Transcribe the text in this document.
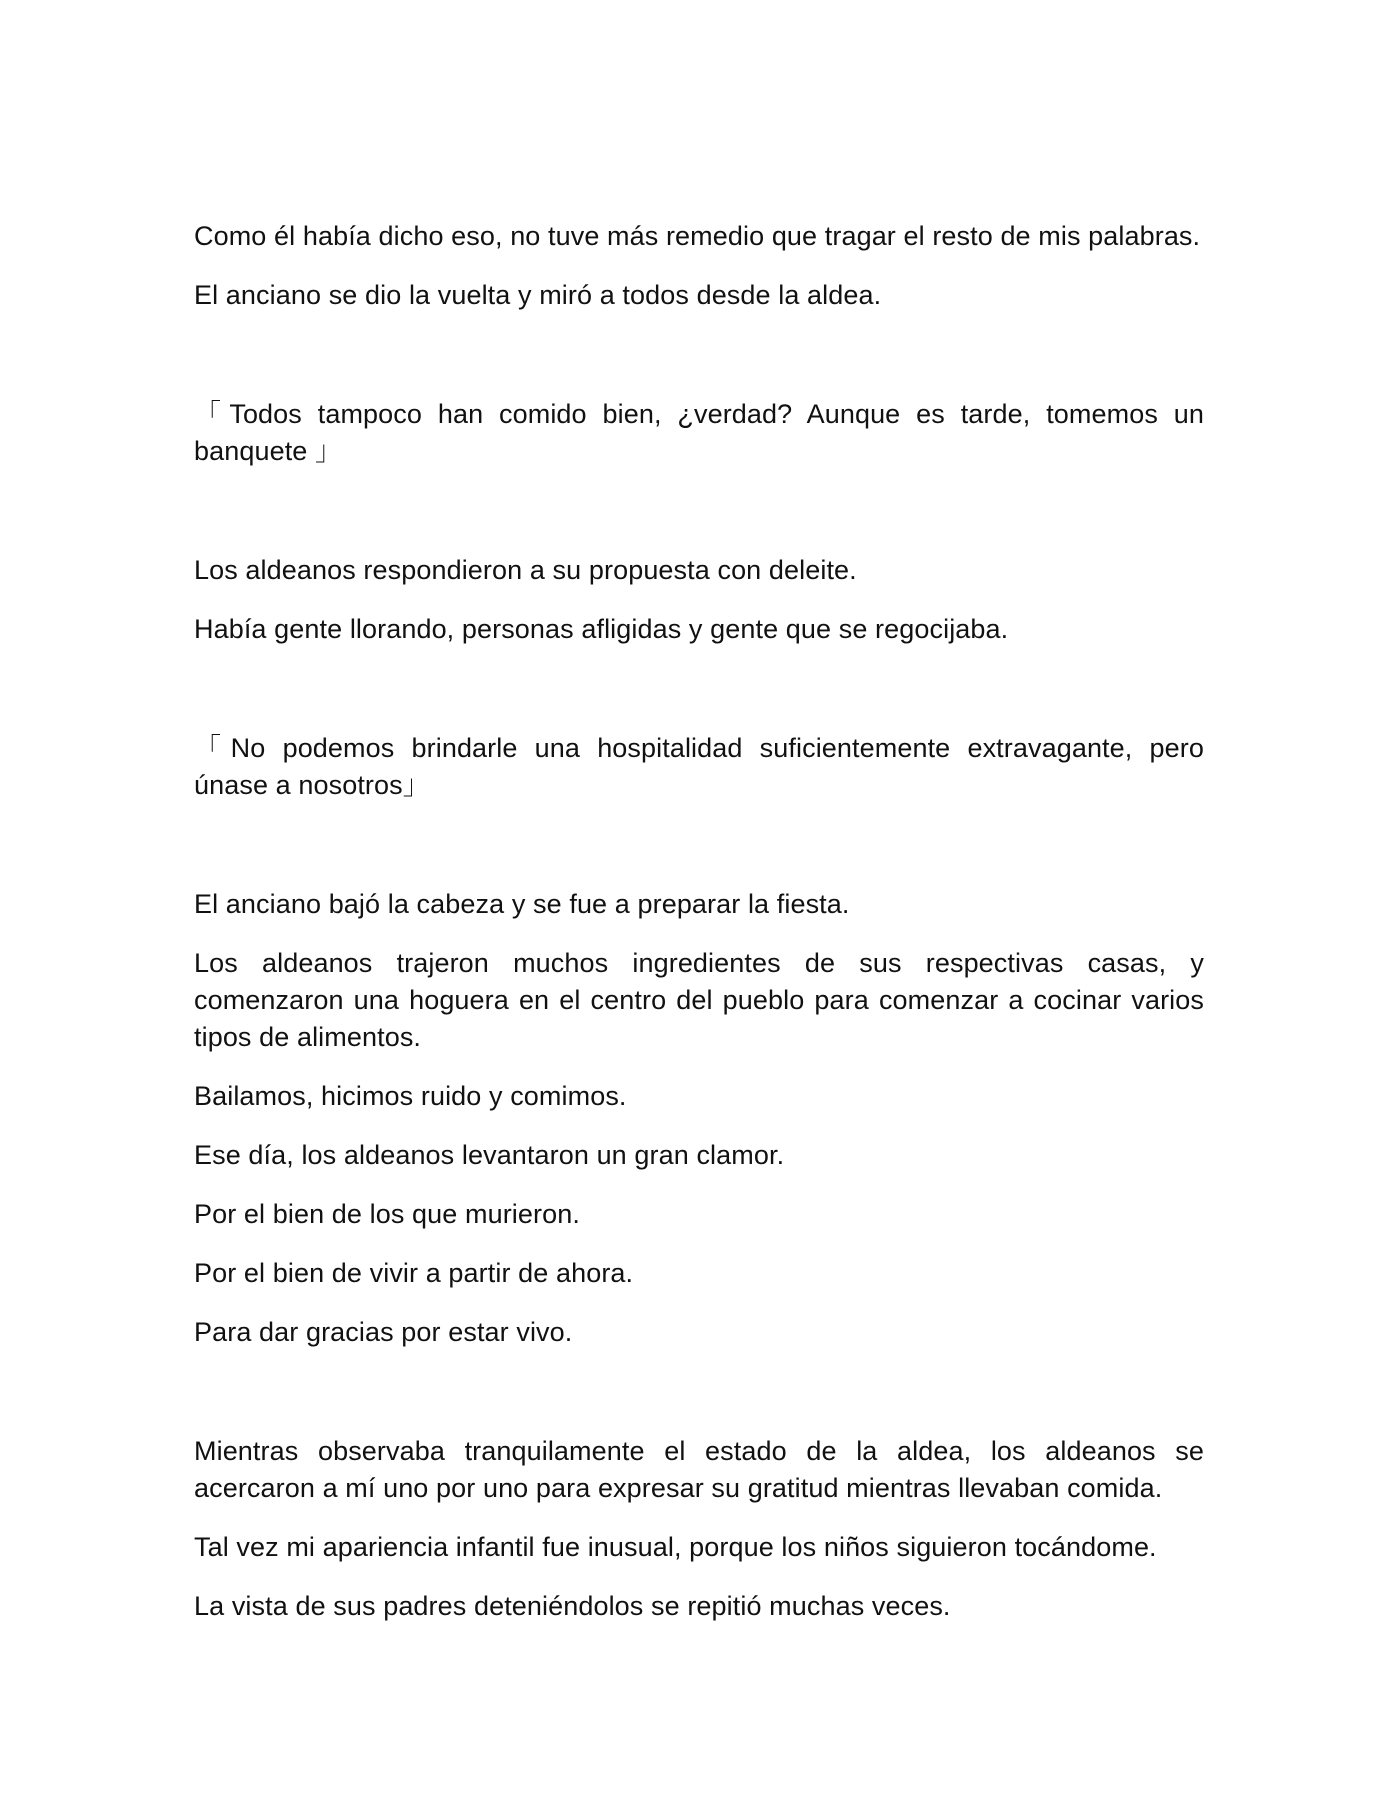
Como él había dicho eso, no tuve más remedio que tragar el resto de mis palabras.

El anciano se dio la vuelta y miró a todos desde la aldea.

「Todos tampoco han comido bien, ¿verdad? Aunque es tarde, tomemos un banquete 」

Los aldeanos respondieron a su propuesta con deleite.

Había gente llorando, personas afligidas y gente que se regocijaba.

「No podemos brindarle una hospitalidad suficientemente extravagante, pero únase a nosotros」

El anciano bajó la cabeza y se fue a preparar la fiesta.

Los aldeanos trajeron muchos ingredientes de sus respectivas casas, y comenzaron una hoguera en el centro del pueblo para comenzar a cocinar varios tipos de alimentos.

Bailamos, hicimos ruido y comimos.

Ese día, los aldeanos levantaron un gran clamor.

Por el bien de los que murieron.

Por el bien de vivir a partir de ahora.

Para dar gracias por estar vivo.

Mientras observaba tranquilamente el estado de la aldea, los aldeanos se acercaron a mí uno por uno para expresar su gratitud mientras llevaban comida.

Tal vez mi apariencia infantil fue inusual, porque los niños siguieron tocándome.

La vista de sus padres deteniéndolos se repitió muchas veces.
